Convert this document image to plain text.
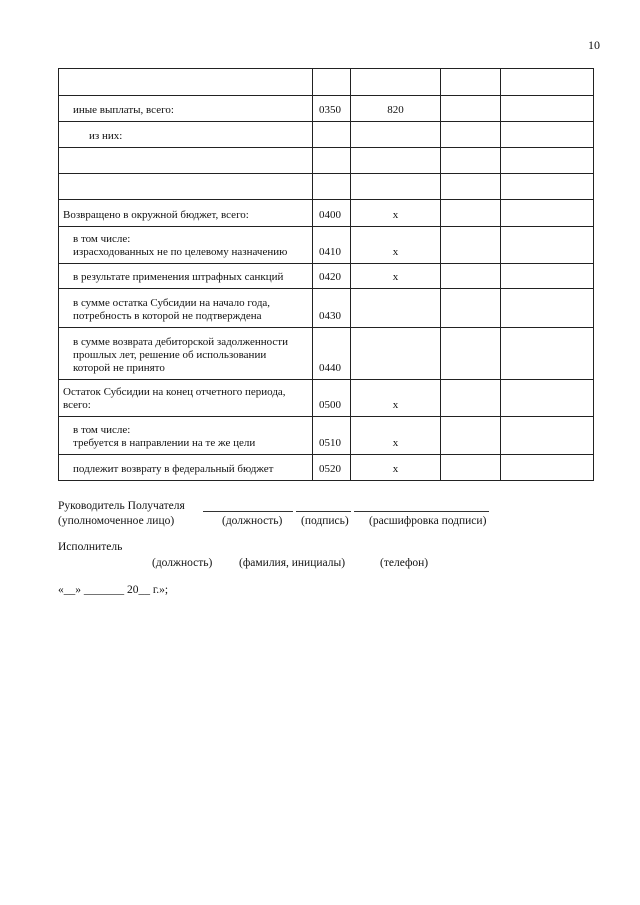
10

иные выплаты, всего:	0350	820		
из них:				

Возвращено в окружной бюджет, всего:	0400	x		
в том числе:
израсходованных не по целевому назначению	0410	x		
в результате применения штрафных санкций	0420	x		
в сумме остатка Субсидии на начало года,
потребность в которой не подтверждена	0430			
в сумме возврата дебиторской задолженности
прошлых лет, решение об использовании
которой не принято	0440			
Остаток Субсидии на конец отчетного периода,
всего:	0500	x		
в том числе:
требуется в направлении на те же цели	0510	x		
подлежит возврату в федеральный бюджет	0520	x		
Руководитель Получателя
(уполномоченное лицо)	(должность) (подпись) (расшифровка подписи)
Исполнитель
(должность) (фамилия, инициалы)	(телефон)
«__» _______ 20__ г.»;
